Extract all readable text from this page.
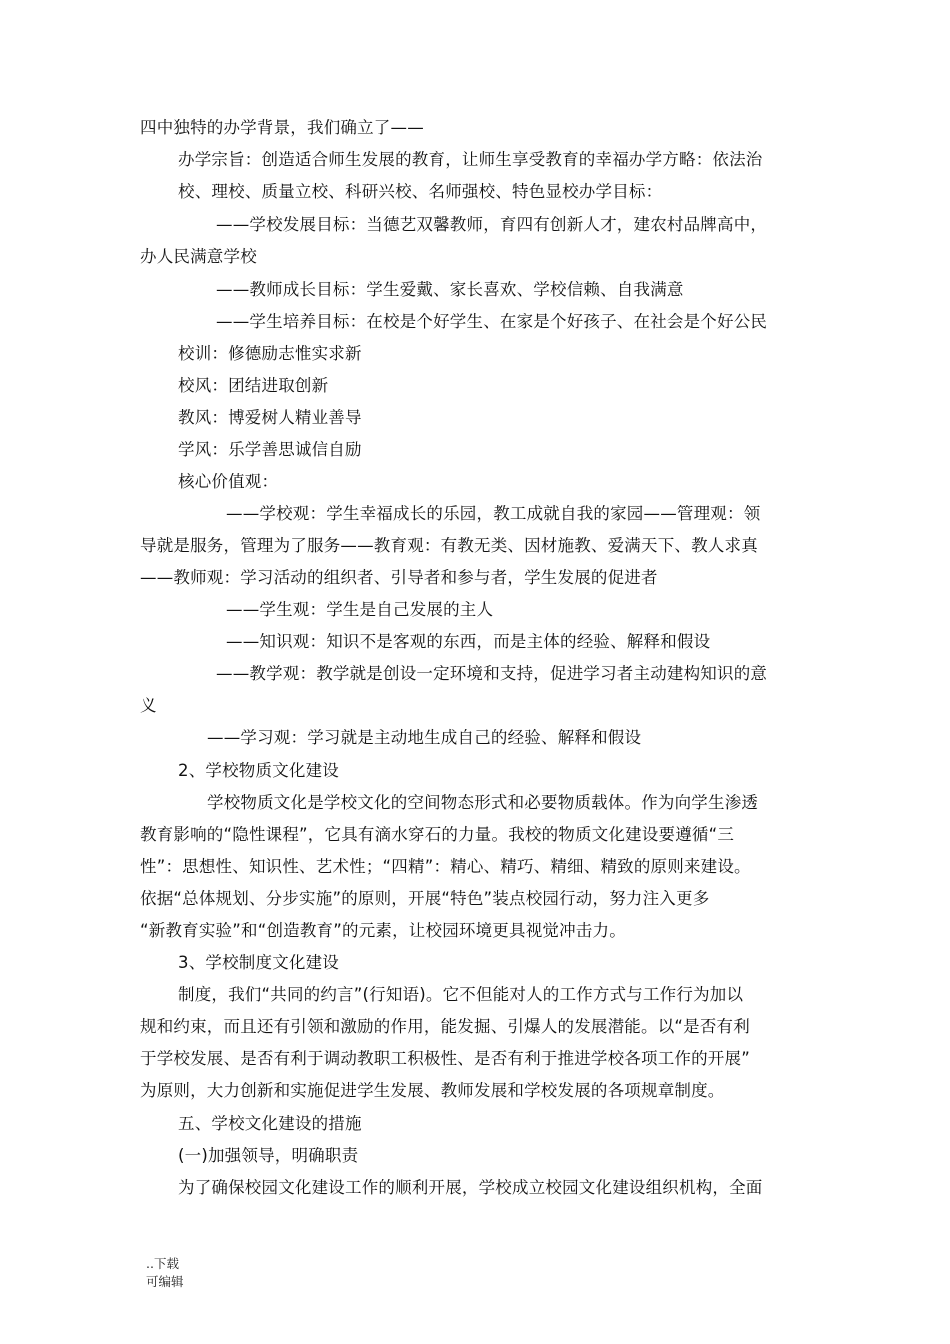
四中独特的办学背景，我们确立了——
办学宗旨：创造适合师生发展的教育，让师生享受教育的幸福办学方略：依法治
校、理校、质量立校、科研兴校、名师强校、特色显校办学目标：
——学校发展目标：当德艺双馨教师，育四有创新人才，建农村品牌高中，
办人民满意学校
——教师成长目标：学生爱戴、家长喜欢、学校信赖、自我满意
——学生培养目标：在校是个好学生、在家是个好孩子、在社会是个好公民
校训：修德励志惟实求新
校风：团结进取创新
教风：博爱树人精业善导
学风：乐学善思诚信自励
核心价值观：
——学校观：学生幸福成长的乐园，教工成就自我的家园——管理观：领
导就是服务，管理为了服务——教育观：有教无类、因材施教、爱满天下、教人求真
——教师观：学习活动的组织者、引导者和参与者，学生发展的促进者
——学生观：学生是自己发展的主人
——知识观：知识不是客观的东西，而是主体的经验、解释和假设
——教学观：教学就是创设一定环境和支持，促进学习者主动建构知识的意
义
——学习观：学习就是主动地生成自己的经验、解释和假设
2、学校物质文化建设
学校物质文化是学校文化的空间物态形式和必要物质载体。作为向学生渗透
教育影响的“隐性课程”，它具有滴水穿石的力量。我校的物质文化建设要遵循“三
性”：思想性、知识性、艺术性；“四精”：精心、精巧、精细、精致的原则来建设。
依据“总体规划、分步实施”的原则，开展“特色”装点校园行动，努力注入更多
“新教育实验”和“创造教育”的元素，让校园环境更具视觉冲击力。
3、学校制度文化建设
制度，我们“共同的约言”(行知语)。它不但能对人的工作方式与工作行为加以
规和约束，而且还有引领和激励的作用，能发掘、引爆人的发展潜能。以“是否有利
于学校发展、是否有利于调动教职工积极性、是否有利于推进学校各项工作的开展”
为原则，大力创新和实施促进学生发展、教师发展和学校发展的各项规章制度。
五、学校文化建设的措施
(一)加强领导，明确职责
为了确保校园文化建设工作的顺利开展，学校成立校园文化建设组织机构，全面
..下载
可编辑
